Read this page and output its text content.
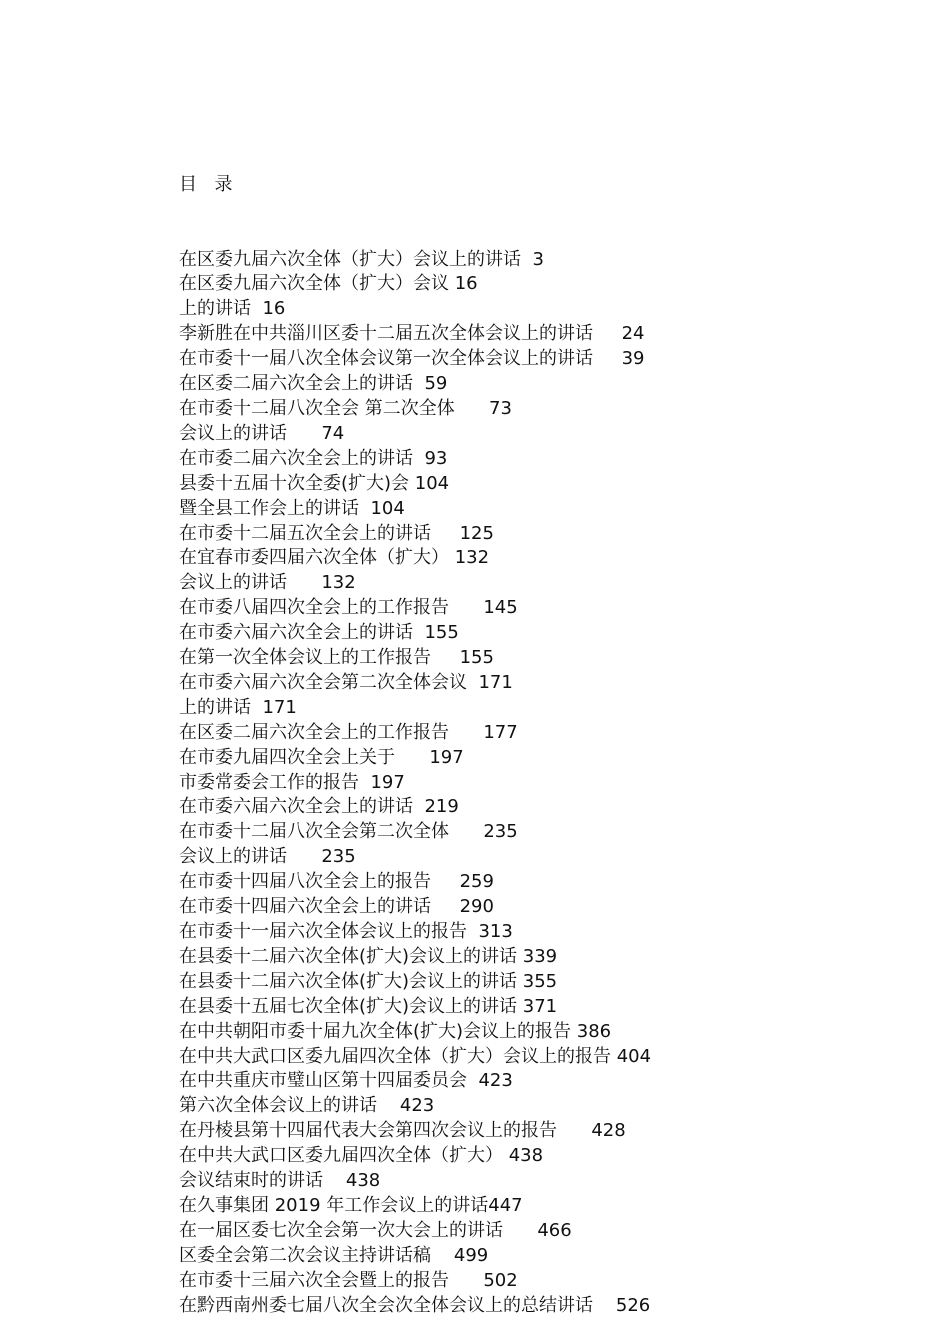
目  录

在区委九届六次全体（扩大）会议上的讲话  3
在区委九届六次全体（扩大）会议 16
上的讲话  16
李新胜在中共淄川区委十二届五次全体会议上的讲话     24
在市委十一届八次全体会议第一次全体会议上的讲话     39
在区委二届六次全会上的讲话  59
在市委十二届八次全会 第二次全体      73
会议上的讲话      74
在市委二届六次全会上的讲话  93
县委十五届十次全委(扩大)会 104
暨全县工作会上的讲话  104
在市委十二届五次全会上的讲话     125
在宜春市委四届六次全体（扩大） 132
会议上的讲话      132
在市委八届四次全会上的工作报告      145
在市委六届六次全会上的讲话  155
在第一次全体会议上的工作报告     155
在市委六届六次全会第二次全体会议  171
上的讲话  171
在区委二届六次全会上的工作报告      177
在市委九届四次全会上关于      197
市委常委会工作的报告  197
在市委六届六次全会上的讲话  219
在市委十二届八次全会第二次全体      235
会议上的讲话      235
在市委十四届八次全会上的报告     259
在市委十四届六次全会上的讲话     290
在市委十一届六次全体会议上的报告  313
在县委十二届六次全体(扩大)会议上的讲话 339
在县委十二届六次全体(扩大)会议上的讲话 355
在县委十五届七次全体(扩大)会议上的讲话 371
在中共朝阳市委十届九次全体(扩大)会议上的报告 386
在中共大武口区委九届四次全体（扩大）会议上的报告 404
在中共重庆市璧山区第十四届委员会  423
第六次全体会议上的讲话    423
在丹棱县第十四届代表大会第四次会议上的报告      428
在中共大武口区委九届四次全体（扩大） 438
会议结束时的讲话    438
在久事集团 2019 年工作会议上的讲话447
在一届区委七次全会第一次大会上的讲话      466
区委全会第二次会议主持讲话稿    499
在市委十三届六次全会暨上的报告      502
在黔西南州委七届八次全会次全体会议上的总结讲话    526
